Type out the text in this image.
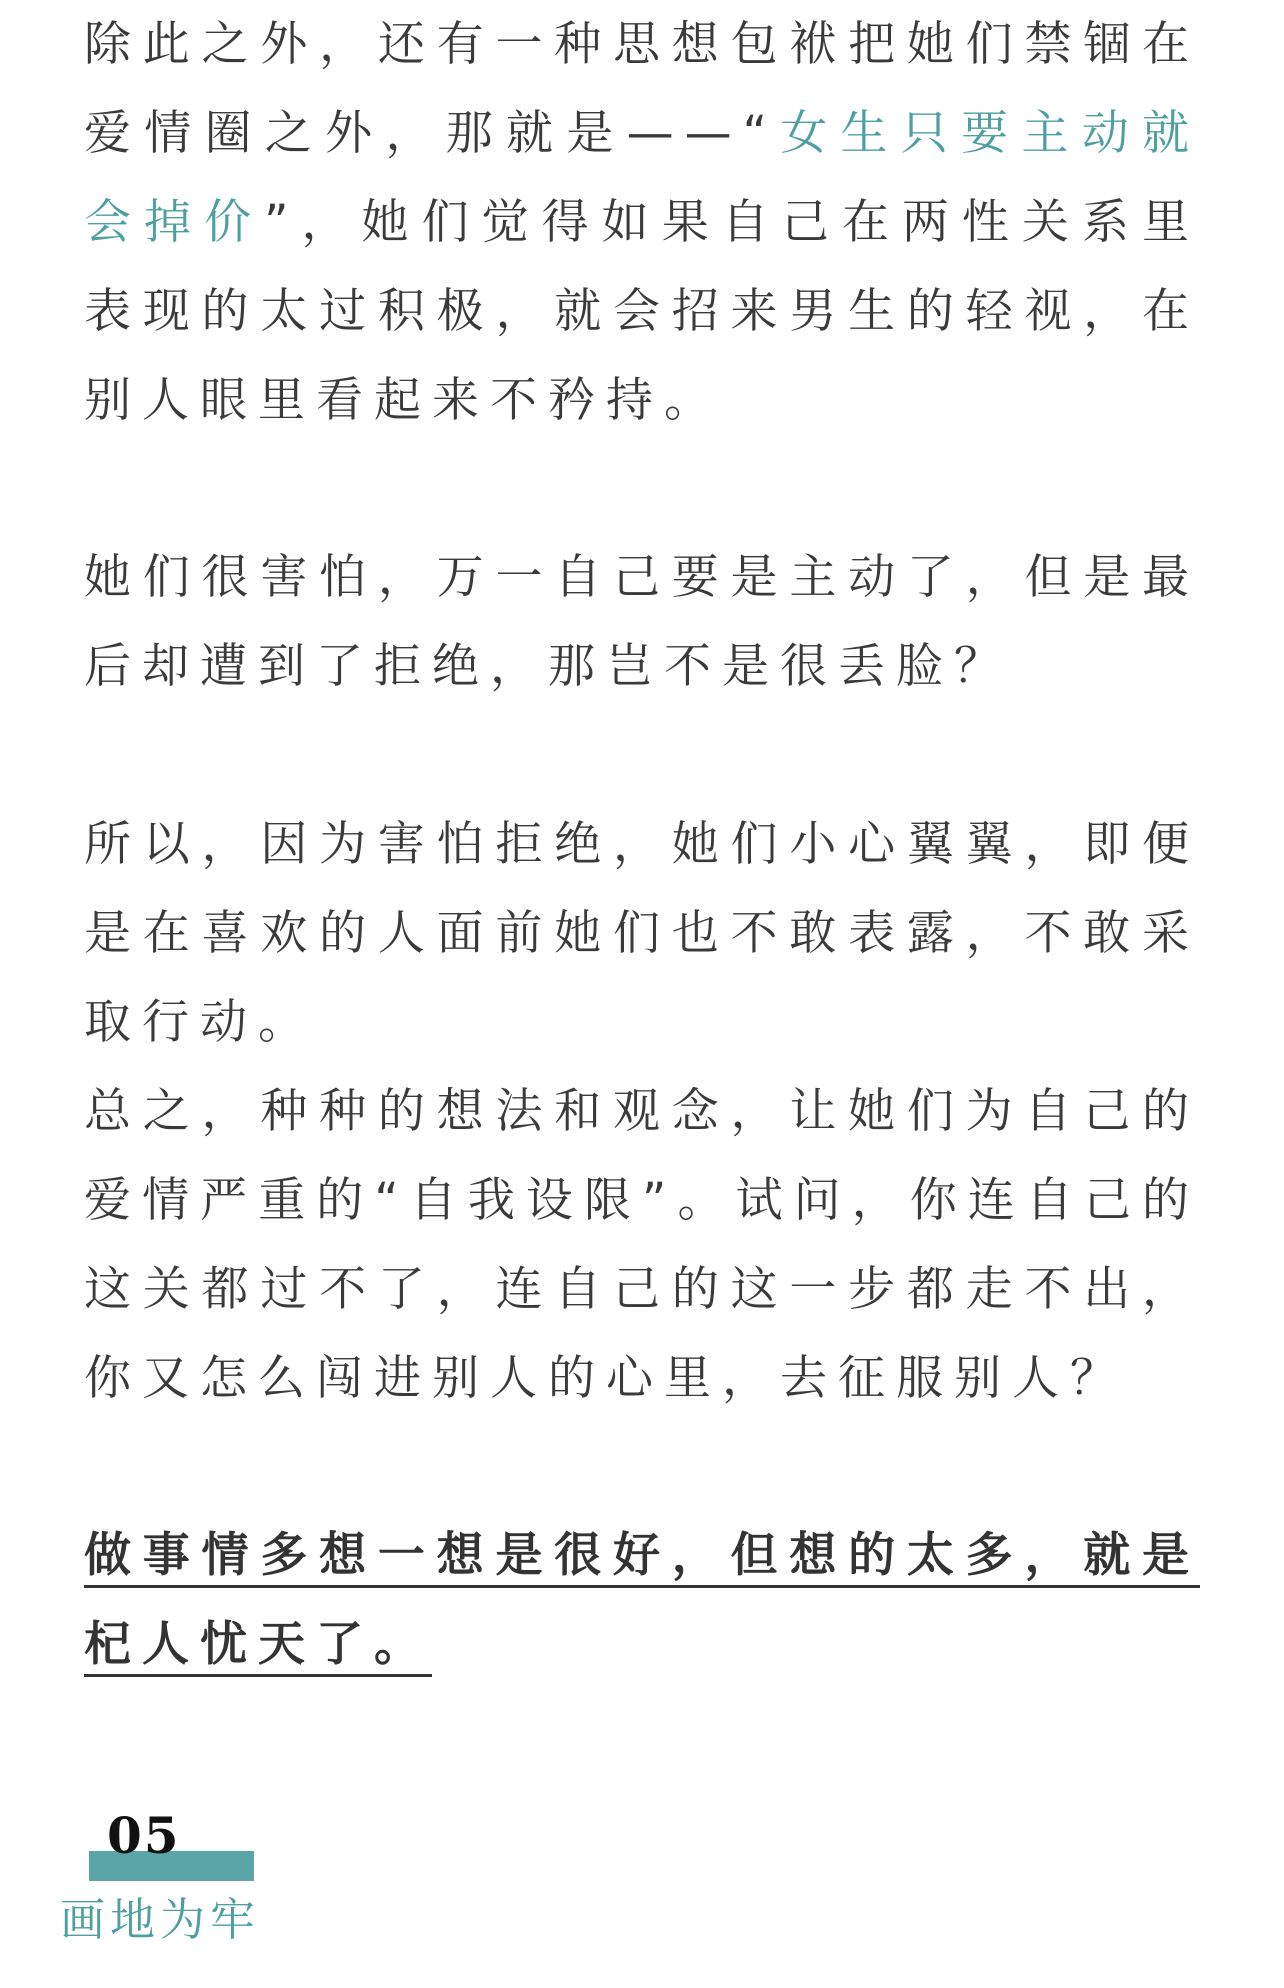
除此之外，还有一种思想包袱把她们禁锢在爱情圈之外，那就是——“女生只要主动就会掉价”，她们觉得如果自己在两性关系里表现的太过积极，就会招来男生的轻视，在别人眼里看起来不矜持。

她们很害怕，万一自己要是主动了，但是最后却遭到了拒绝，那岂不是很丢脸？

所以，因为害怕拒绝，她们小心翼翼，即便是在喜欢的人面前她们也不敢表露，不敢采取行动。

总之，种种的想法和观念，让她们为自己的爱情严重的“自我设限”。试问，你连自己的这关都过不了，连自己的这一步都走不出，你又怎么闯进别人的心里，去征服别人？

做事情多想一想是很好，但想的太多，就是杞人忧天了。

05
画地为牢
